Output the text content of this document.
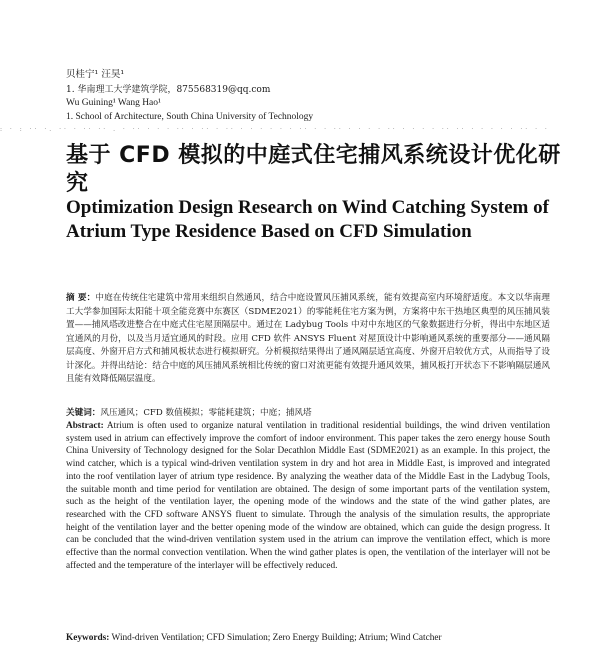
贝桂宁¹ 汪昊¹
1. 华南理工大学建筑学院，875568319@qq.com
Wu Guining¹ Wang Hao¹
1. School of Architecture, South China University of Technology
: · : ·· ·. ·· · ·· ·· . · ·· · · · ·· · ·· · ·· · · · · · · ·· · · ·· · · · · ·· · · · · ·· ·· · · · · · ·· · ·
基于 CFD 模拟的中庭式住宅捕风系统设计优化研究
Optimization Design Research on Wind Catching System of Atrium Type Residence Based on CFD Simulation
摘 要：中庭在传统住宅建筑中常用来组织自然通风，结合中庭设置风压捕风系统，能有效提高室内环境舒适度。本文以华南理工大学参加国际太阳能十项全能竞赛中东赛区（SDME2021）的零能耗住宅方案为例，方案将中东干热地区典型的风压捕风装置——捕风塔改进整合在中庭式住宅屋顶隔层中。通过在 Ladybug Tools 中对中东地区的气象数据进行分析，得出中东地区适宜通风的月份，以及当月适宜通风的时段。应用 CFD 软件 ANSYS Fluent 对屋顶设计中影响通风系统的重要部分——通风隔层高度、外窗开启方式和捕风板状态进行模拟研究。分析模拟结果得出了通风隔层适宜高度、外窗开启较优方式，从而指导了设计深化。并得出结论：结合中庭的风压捕风系统相比传统的窗口对流更能有效提升通风效果，捕风板打开状态下不影响隔层通风且能有效降低隔层温度。
关键词：风压通风；CFD 数值模拟；零能耗建筑；中庭；捕风塔
Abstract: Atrium is often used to organize natural ventilation in traditional residential buildings, the wind driven ventilation system used in atrium can effectively improve the comfort of indoor environment. This paper takes the zero energy house South China University of Technology designed for the Solar Decathlon Middle East (SDME2021) as an example. In this project, the wind catcher, which is a typical wind-driven ventilation system in dry and hot area in Middle East, is improved and integrated into the roof ventilation layer of atrium type residence. By analyzing the weather data of the Middle East in the Ladybug Tools, the suitable month and time period for ventilation are obtained. The design of some important parts of the ventilation system, such as the height of the ventilation layer, the opening mode of the windows and the state of the wind gather plates, are researched with the CFD software ANSYS fluent to simulate. Through the analysis of the simulation results, the appropriate height of the ventilation layer and the better opening mode of the window are obtained, which can guide the design progress. It can be concluded that the wind-driven ventilation system used in the atrium can improve the ventilation effect, which is more effective than the normal convection ventilation. When the wind gather plates is open, the ventilation of the interlayer will not be affected and the temperature of the interlayer will be effectively reduced.
Keywords: Wind-driven Ventilation; CFD Simulation; Zero Energy Building; Atrium; Wind Catcher
